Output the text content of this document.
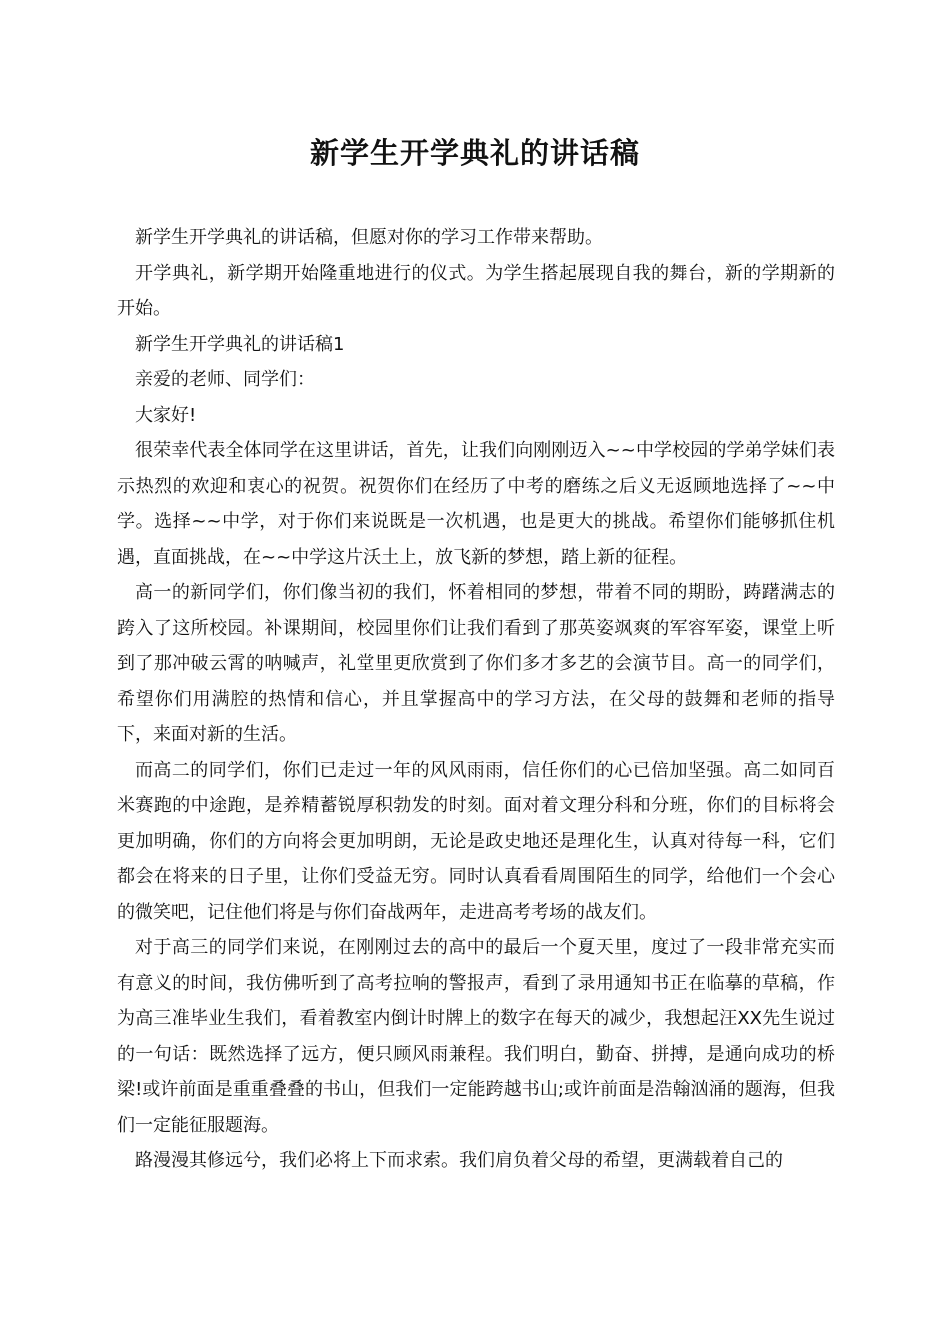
新学生开学典礼的讲话稿

新学生开学典礼的讲话稿，但愿对你的学习工作带来帮助。

开学典礼，新学期开始隆重地进行的仪式。为学生搭起展现自我的舞台，新的学期新的开始。

新学生开学典礼的讲话稿1

亲爱的老师、同学们：

大家好!

很荣幸代表全体同学在这里讲话，首先，让我们向刚刚迈入~~中学校园的学弟学妹们表示热烈的欢迎和衷心的祝贺。祝贺你们在经历了中考的磨练之后义无返顾地选择了~~中学。选择~~中学，对于你们来说既是一次机遇，也是更大的挑战。希望你们能够抓住机遇，直面挑战，在~~中学这片沃土上，放飞新的梦想，踏上新的征程。

高一的新同学们，你们像当初的我们，怀着相同的梦想，带着不同的期盼，踌躇满志的跨入了这所校园。补课期间，校园里你们让我们看到了那英姿飒爽的军容军姿，课堂上听到了那冲破云霄的呐喊声，礼堂里更欣赏到了你们多才多艺的会演节目。高一的同学们，希望你们用满腔的热情和信心，并且掌握高中的学习方法，在父母的鼓舞和老师的指导下，来面对新的生活。

而高二的同学们，你们已走过一年的风风雨雨，信任你们的心已倍加坚强。高二如同百米赛跑的中途跑，是养精蓄锐厚积勃发的时刻。面对着文理分科和分班，你们的目标将会更加明确，你们的方向将会更加明朗，无论是政史地还是理化生，认真对待每一科，它们都会在将来的日子里，让你们受益无穷。同时认真看看周围陌生的同学，给他们一个会心的微笑吧，记住他们将是与你们奋战两年，走进高考考场的战友们。

对于高三的同学们来说，在刚刚过去的高中的最后一个夏天里，度过了一段非常充实而有意义的时间，我仿佛听到了高考拉响的警报声，看到了录用通知书正在临摹的草稿，作为高三准毕业生我们，看着教室内倒计时牌上的数字在每天的减少，我想起汪XX先生说过的一句话：既然选择了远方，便只顾风雨兼程。我们明白，勤奋、拼搏，是通向成功的桥梁!或许前面是重重叠叠的书山，但我们一定能跨越书山;或许前面是浩翰汹涌的题海，但我们一定能征服题海。

路漫漫其修远兮，我们必将上下而求索。我们肩负着父母的希望，更满载着自己的
